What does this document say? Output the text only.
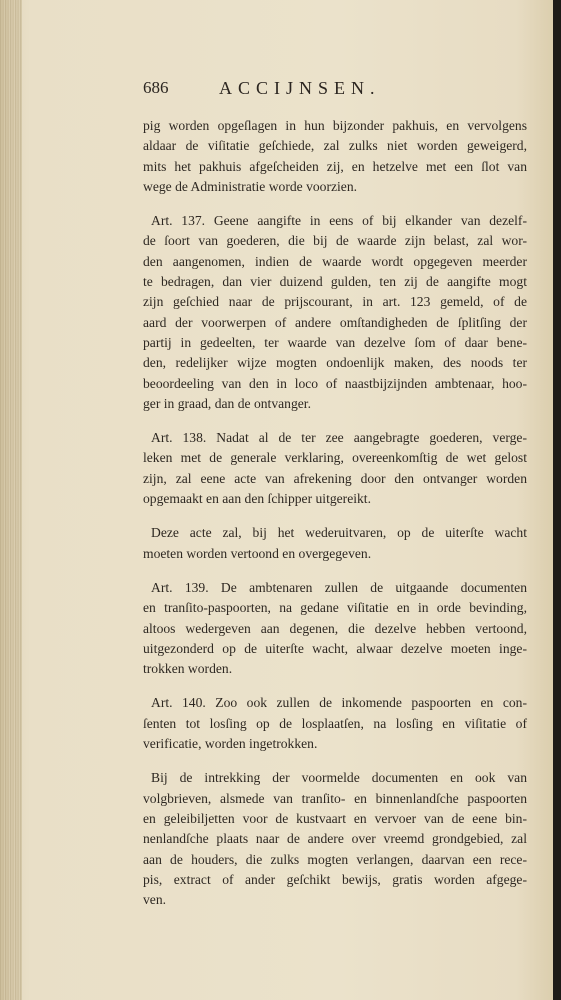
686	ACCIJNSEN.
pig worden opgeſlagen in hun bijzonder pakhuis, en vervolgens
aldaar de viſitatie geſchiede, zal zulks niet worden geweigerd,
mits het pakhuis afgeſcheiden zij, en hetzelve met een ſlot van
wege de Administratie worde voorzien.
Art. 137. Geene aangifte in eens of bij elkander van dezelf-
de ſoort van goederen, die bij de waarde zijn belast, zal wor-
den aangenomen, indien de waarde wordt opgegeven meerder
te bedragen, dan vier duizend gulden, ten zij de aangifte mogt
zijn geſchied naar de prijscourant, in art. 123 gemeld, of de
aard der voorwerpen of andere omſtandigheden de ſplitſing der
partij in gedeelten, ter waarde van dezelve ſom of daar bene-
den, redelijker wijze mogten ondoenlijk maken, des noods ter
beoordeeling van den in loco of naastbijzijnden ambtenaar, hoo-
ger in graad, dan de ontvanger.
Art. 138. Nadat al de ter zee aangebragte goederen, verge-
leken met de generale verklaring, overeenkomſtig de wet gelost
zijn, zal eene acte van afrekening door den ontvanger worden
opgemaakt en aan den ſchipper uitgereikt.
Deze acte zal, bij het wederuitvaren, op de uiterſte wacht
moeten worden vertoond en overgegeven.
Art. 139. De ambtenaren zullen de uitgaande documenten
en tranſito-paspoorten, na gedane viſitatie en in orde bevinding,
altoos wedergeven aan degenen, die dezelve hebben vertoond,
uitgezonderd op de uiterſte wacht, alwaar dezelve moeten inge-
trokken worden.
Art. 140. Zoo ook zullen de inkomende paspoorten en con-
ſenten tot losſing op de losplaatſen, na losſing en viſitatie of
verificatie, worden ingetrokken.
Bij de intrekking der voormelde documenten en ook van
volgbrieven, alsmede van tranſito- en binnenlandſche paspoorten
en geleibiljetten voor de kustvaart en vervoer van de eene bin-
nenlandſche plaats naar de andere over vreemd grondgebied, zal
aan de houders, die zulks mogten verlangen, daarvan een rece-
pis, extract of ander geſchikt bewijs, gratis worden afgege-
ven.
